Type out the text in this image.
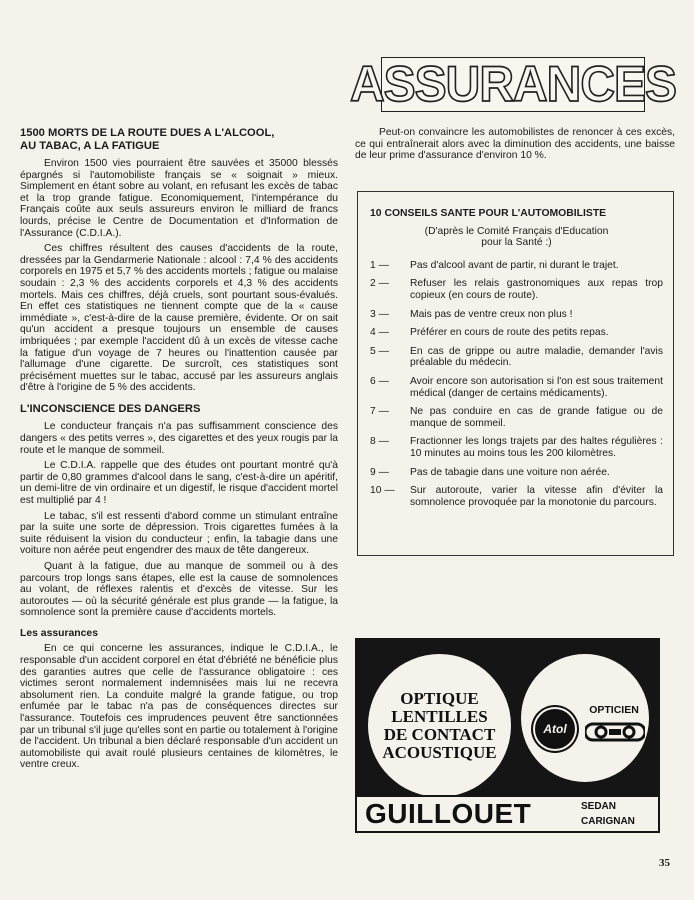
ASSURANCES
1500 MORTS DE LA ROUTE DUES A L'ALCOOL,
AU TABAC, A LA FATIGUE

Environ 1500 vies pourraient être sauvées et 35000 blessés épargnés si l'automobiliste français se « soignait » mieux. Simplement en étant sobre au volant, en refusant les excès de tabac et la trop grande fatigue. Economiquement, l'intempérance du Français coûte aux seuls assureurs environ le milliard de francs lourds, précise le Centre de Documentation et d'Information de l'Assurance (C.D.I.A.).

Ces chiffres résultent des causes d'accidents de la route, dressées par la Gendarmerie Nationale : alcool : 7,4 % des accidents corporels en 1975 et 5,7 % des accidents mortels ; fatigue ou malaise soudain : 2,3 % des accidents corporels et 4,3 % des accidents mortels. Mais ces chiffres, déjà cruels, sont pourtant sous-évalués. En effet ces statistiques ne tiennent compte que de la « cause immédiate », c'est-à-dire de la cause première, évidente. Or on sait qu'un accident a presque toujours un ensemble de causes imbriquées ; par exemple l'accident dû à un excès de vitesse cache la fatigue d'un voyage de 7 heures ou l'inattention causée par l'allumage d'une cigarette. De surcroît, ces statistiques sont précisément muettes sur le tabac, accusé par les assureurs anglais d'être à l'origine de 5 % des accidents.

L'INCONSCIENCE DES DANGERS

Le conducteur français n'a pas suffisamment conscience des dangers « des petits verres », des cigarettes et des yeux rougis par la route et le manque de sommeil.

Le C.D.I.A. rappelle que des études ont pourtant montré qu'à partir de 0,80 grammes d'alcool dans le sang, c'est-à-dire un apéritif, un demi-litre de vin ordinaire et un digestif, le risque d'accident mortel est multiplié par 4 !

Le tabac, s'il est ressenti d'abord comme un stimulant entraîne par la suite une sorte de dépression. Trois cigarettes fumées à la suite réduisent la vision du conducteur ; enfin, la tabagie dans une voiture non aérée peut engendrer des maux de tête dangereux.

Quant à la fatigue, due au manque de sommeil ou à des parcours trop longs sans étapes, elle est la cause de somnolences au volant, de réflexes ralentis et d'excès de vitesse. Sur les autoroutes — où la sécurité générale est plus grande — la fatigue, la somnolence sont la première cause d'accidents mortels.

Les assurances

En ce qui concerne les assurances, indique le C.D.I.A., le responsable d'un accident corporel en état d'ébriété ne bénéficie plus des garanties autres que celle de l'assurance obligatoire : ces victimes seront normalement indemnisées mais lui ne recevra absolument rien. La conduite malgré la grande fatigue, ou trop enfumée par le tabac n'a pas de conséquences directes sur l'assurance. Toutefois ces imprudences peuvent être sanctionnées par un tribunal s'il juge qu'elles sont en partie ou totalement à l'origine de l'accident. Un tribunal a bien déclaré responsable d'un accident un automobiliste qui avait roulé plusieurs centaines de kilomètres, le ventre creux.

Peut-on convaincre les automobilistes de renoncer à ces excès, ce qui entraînerait alors avec la diminution des accidents, une baisse de leur prime d'assurance d'environ 10 %.

10 CONSEILS SANTE POUR L'AUTOMOBILISTE
(D'après le Comité Français d'Education
pour la Santé :)
1 —	Pas d'alcool avant de partir, ni durant le trajet.
2 —	Refuser les relais gastronomiques aux repas trop copieux (en cours de route).
3 —	Mais pas de ventre creux non plus !
4 —	Préférer en cours de route des petits repas.
5 —	En cas de grippe ou autre maladie, demander l'avis préalable du médecin.
6 —	Avoir encore son autorisation si l'on est sous traitement médical (danger de certains médicaments).
7 —	Ne pas conduire en cas de grande fatigue ou de manque de sommeil.
8 —	Fractionner les longs trajets par des haltes régulières : 10 minutes au moins tous les 200 kilomètres.
9 —	Pas de tabagie dans une voiture non aérée.
10 —	Sur autoroute, varier la vitesse afin d'éviter la somnolence provoquée par la monotonie du parcours.
OPTIQUE
LENTILLES
DE CONTACT
ACOUSTIQUE
Atol
OPTICIEN
GUILLOUET	SEDAN
CARIGNAN
35
